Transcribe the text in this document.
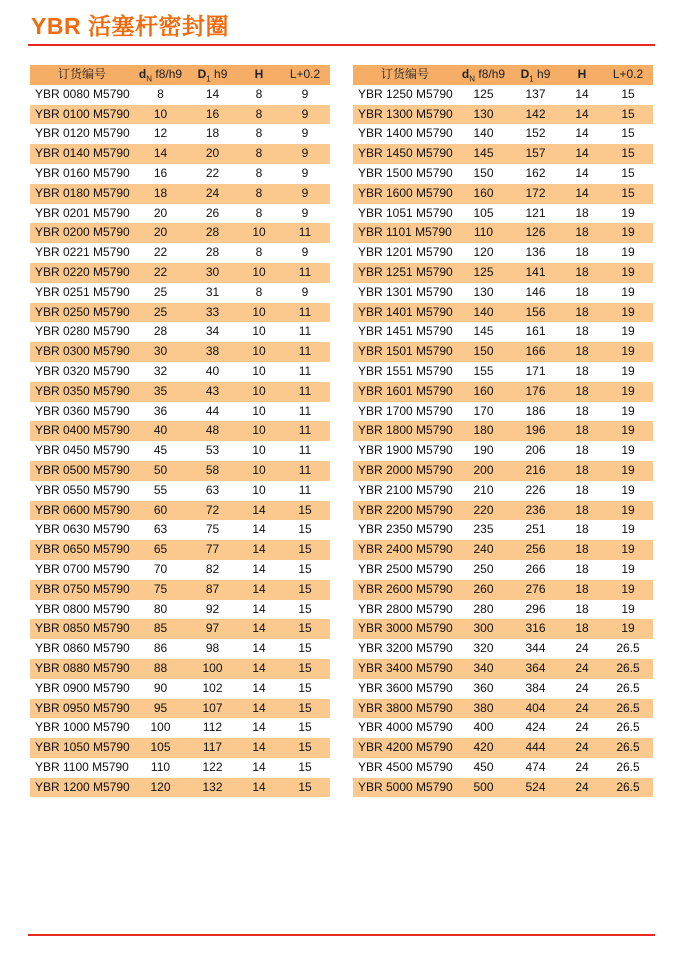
YBR 活塞杆密封圈
订货编号	$d_N$ f8/h9	$D_1$ h9	H	L+0.2
YBR 0080 M5790	8	14	8	9
YBR 0100 M5790	10	16	8	9
YBR 0120 M5790	12	18	8	9
YBR 0140 M5790	14	20	8	9
YBR 0160 M5790	16	22	8	9
YBR 0180 M5790	18	24	8	9
YBR 0201 M5790	20	26	8	9
YBR 0200 M5790	20	28	10	11
YBR 0221 M5790	22	28	8	9
YBR 0220 M5790	22	30	10	11
YBR 0251 M5790	25	31	8	9
YBR 0250 M5790	25	33	10	11
YBR 0280 M5790	28	34	10	11
YBR 0300 M5790	30	38	10	11
YBR 0320 M5790	32	40	10	11
YBR 0350 M5790	35	43	10	11
YBR 0360 M5790	36	44	10	11
YBR 0400 M5790	40	48	10	11
YBR 0450 M5790	45	53	10	11
YBR 0500 M5790	50	58	10	11
YBR 0550 M5790	55	63	10	11
YBR 0600 M5790	60	72	14	15
YBR 0630 M5790	63	75	14	15
YBR 0650 M5790	65	77	14	15
YBR 0700 M5790	70	82	14	15
YBR 0750 M5790	75	87	14	15
YBR 0800 M5790	80	92	14	15
YBR 0850 M5790	85	97	14	15
YBR 0860 M5790	86	98	14	15
YBR 0880 M5790	88	100	14	15
YBR 0900 M5790	90	102	14	15
YBR 0950 M5790	95	107	14	15
YBR 1000 M5790	100	112	14	15
YBR 1050 M5790	105	117	14	15
YBR 1100 M5790	110	122	14	15
YBR 1200 M5790	120	132	14	15
订货编号	$d_N$ f8/h9	$D_1$ h9	H	L+0.2
YBR 1250 M5790	125	137	14	15
YBR 1300 M5790	130	142	14	15
YBR 1400 M5790	140	152	14	15
YBR 1450 M5790	145	157	14	15
YBR 1500 M5790	150	162	14	15
YBR 1600 M5790	160	172	14	15
YBR 1051 M5790	105	121	18	19
YBR 1101 M5790	110	126	18	19
YBR 1201 M5790	120	136	18	19
YBR 1251 M5790	125	141	18	19
YBR 1301 M5790	130	146	18	19
YBR 1401 M5790	140	156	18	19
YBR 1451 M5790	145	161	18	19
YBR 1501 M5790	150	166	18	19
YBR 1551 M5790	155	171	18	19
YBR 1601 M5790	160	176	18	19
YBR 1700 M5790	170	186	18	19
YBR 1800 M5790	180	196	18	19
YBR 1900 M5790	190	206	18	19
YBR 2000 M5790	200	216	18	19
YBR 2100 M5790	210	226	18	19
YBR 2200 M5790	220	236	18	19
YBR 2350 M5790	235	251	18	19
YBR 2400 M5790	240	256	18	19
YBR 2500 M5790	250	266	18	19
YBR 2600 M5790	260	276	18	19
YBR 2800 M5790	280	296	18	19
YBR 3000 M5790	300	316	18	19
YBR 3200 M5790	320	344	24	26.5
YBR 3400 M5790	340	364	24	26.5
YBR 3600 M5790	360	384	24	26.5
YBR 3800 M5790	380	404	24	26.5
YBR 4000 M5790	400	424	24	26.5
YBR 4200 M5790	420	444	24	26.5
YBR 4500 M5790	450	474	24	26.5
YBR 5000 M5790	500	524	24	26.5
